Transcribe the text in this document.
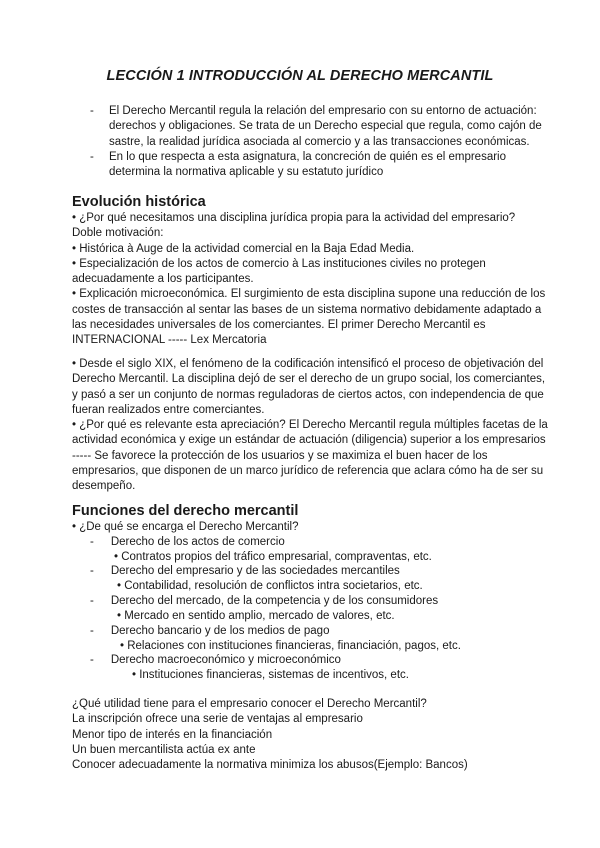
LECCIÓN 1 INTRODUCCIÓN AL DERECHO MERCANTIL
- El Derecho Mercantil regula la relación del empresario con su entorno de actuación: derechos y obligaciones. Se trata de un Derecho especial que regula, como cajón de sastre, la realidad jurídica asociada al comercio y a las transacciones económicas.
- En lo que respecta a esta asignatura, la concreción de quién es el empresario determina la normativa aplicable y su estatuto jurídico
Evolución histórica

• ¿Por qué necesitamos una disciplina jurídica propia para la actividad del empresario?

Doble motivación:

• Histórica à Auge de la actividad comercial en la Baja Edad Media.

• Especialización de los actos de comercio à Las instituciones civiles no protegen adecuadamente a los participantes.

• Explicación microeconómica. El surgimiento de esta disciplina supone una reducción de los costes de transacción al sentar las bases de un sistema normativo debidamente adaptado a las necesidades universales de los comerciantes. El primer Derecho Mercantil es INTERNACIONAL ----- Lex Mercatoria

• Desde el siglo XIX, el fenómeno de la codificación intensificó el proceso de objetivación del Derecho Mercantil. La disciplina dejó de ser el derecho de un grupo social, los comerciantes, y pasó a ser un conjunto de normas reguladoras de ciertos actos, con independencia de que fueran realizados entre comerciantes.

• ¿Por qué es relevante esta apreciación? El Derecho Mercantil regula múltiples facetas de la actividad económica y exige un estándar de actuación (diligencia) superior a los empresarios ----- Se favorece la protección de los usuarios y se maximiza el buen hacer de los empresarios, que disponen de un marco jurídico de referencia que aclara cómo ha de ser su desempeño.

Funciones del derecho mercantil
• ¿De qué se encarga el Derecho Mercantil?
- Derecho de los actos de comercio
• Contratos propios del tráfico empresarial, compraventas, etc.
- Derecho del empresario y de las sociedades mercantiles
• Contabilidad, resolución de conflictos intra societarios, etc.
- Derecho del mercado, de la competencia y de los consumidores
• Mercado en sentido amplio, mercado de valores, etc.
- Derecho bancario y de los medios de pago
• Relaciones con instituciones financieras, financiación, pagos, etc.
- Derecho macroeconómico y microeconómico
• Instituciones financieras, sistemas de incentivos, etc.

¿Qué utilidad tiene para el empresario conocer el Derecho Mercantil?

La inscripción ofrece una serie de ventajas al empresario

Menor tipo de interés en la financiación

Un buen mercantilista actúa ex ante

Conocer adecuadamente la normativa minimiza los abusos(Ejemplo: Bancos)
